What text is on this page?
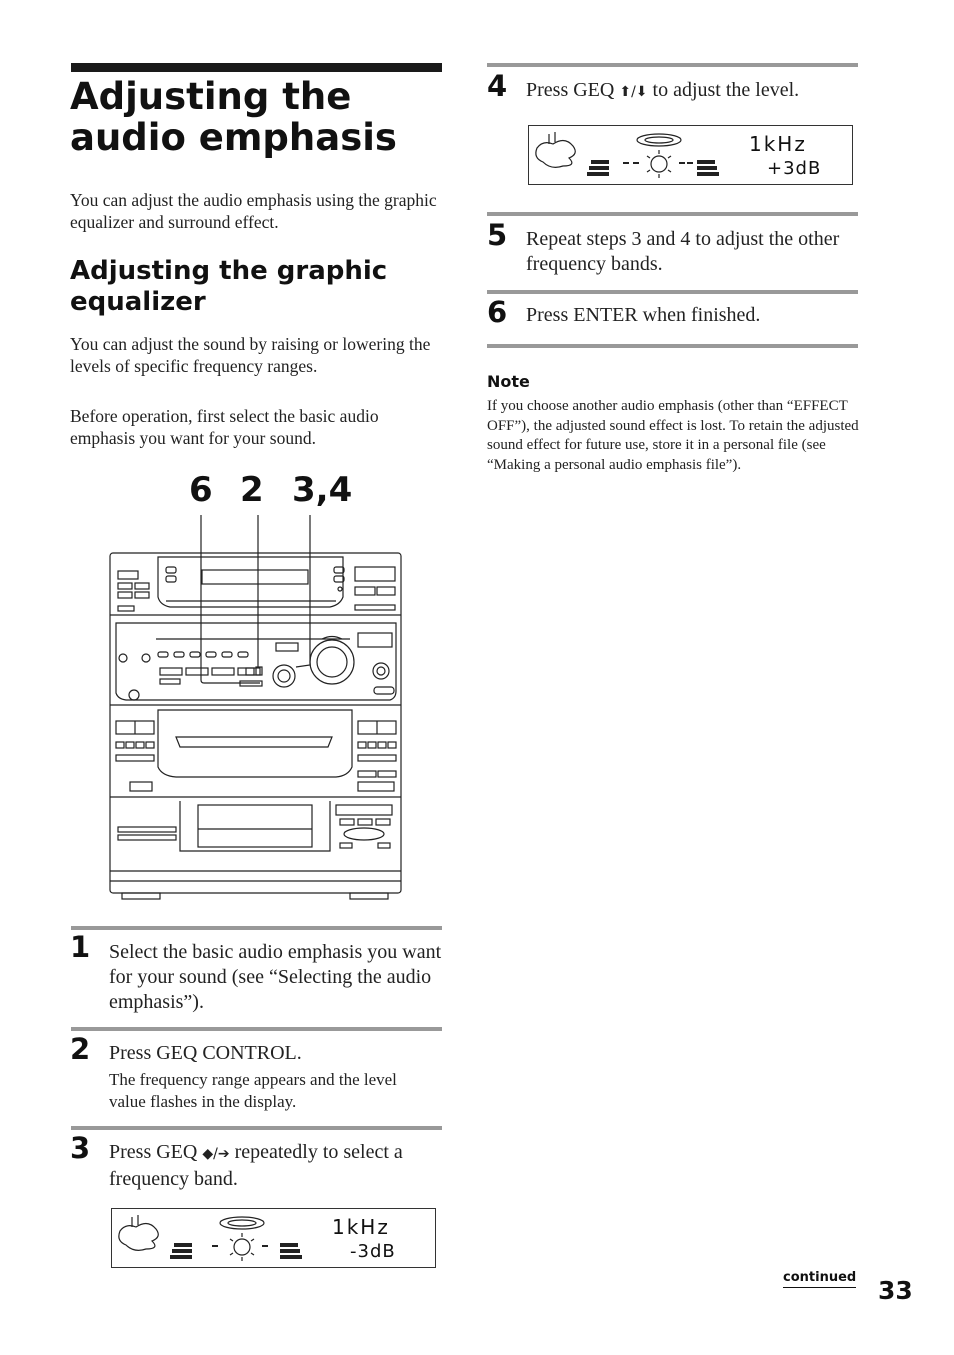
Adjusting the audio emphasis
You can adjust the audio emphasis using the graphic equalizer and surround effect.
Adjusting the graphic equalizer
You can adjust the sound by raising or lowering the levels of specific frequency ranges.
Before operation, first select the basic audio emphasis you want for your sound.
6 2 3,4
1 Select the basic audio emphasis you want for your sound (see “Selecting the audio emphasis”).
2 Press GEQ CONTROL.
The frequency range appears and the level value flashes in the display.
3 Press GEQ ◆/➔ repeatedly to select a frequency band.
1kHz
-3dB
4 Press GEQ ⬆/⬇ to adjust the level.
1kHz
+3dB
5 Repeat steps 3 and 4 to adjust the other frequency bands.
6 Press ENTER when finished.
Note
If you choose another audio emphasis (other than “EFFECT OFF”), the adjusted sound effect is lost. To retain the adjusted sound effect for future use, store it in a personal file (see “Making a personal audio emphasis file”).
continued 33
